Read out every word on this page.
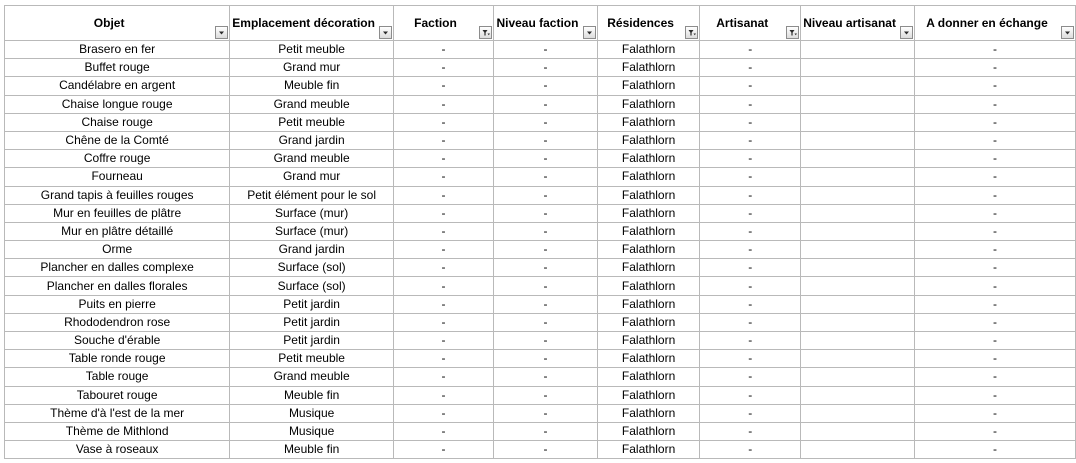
Objet	Emplacement décoration	Faction	Niveau faction	Résidences	Artisanat	Niveau artisanat	A donner en échange

Brasero en fer	Petit meuble	-	-	Falathlorn	-		-
Buffet rouge	Grand mur	-	-	Falathlorn	-		-
Candélabre en argent	Meuble fin	-	-	Falathlorn	-		-
Chaise longue rouge	Grand meuble	-	-	Falathlorn	-		-
Chaise rouge	Petit meuble	-	-	Falathlorn	-		-
Chêne de la Comté	Grand jardin	-	-	Falathlorn	-		-
Coffre rouge	Grand meuble	-	-	Falathlorn	-		-
Fourneau	Grand mur	-	-	Falathlorn	-		-
Grand tapis à feuilles rouges	Petit élément pour le sol	-	-	Falathlorn	-		-
Mur en feuilles de plâtre	Surface (mur)	-	-	Falathlorn	-		-
Mur en plâtre détaillé	Surface (mur)	-	-	Falathlorn	-		-
Orme	Grand jardin	-	-	Falathlorn	-		-
Plancher en dalles complexe	Surface (sol)	-	-	Falathlorn	-		-
Plancher en dalles florales	Surface (sol)	-	-	Falathlorn	-		-
Puits en pierre	Petit jardin	-	-	Falathlorn	-		-
Rhododendron rose	Petit jardin	-	-	Falathlorn	-		-
Souche d'érable	Petit jardin	-	-	Falathlorn	-		-
Table ronde rouge	Petit meuble	-	-	Falathlorn	-		-
Table rouge	Grand meuble	-	-	Falathlorn	-		-
Tabouret rouge	Meuble fin	-	-	Falathlorn	-		-
Thème d'à l'est de la mer	Musique	-	-	Falathlorn	-		-
Thème de Mithlond	Musique	-	-	Falathlorn	-		-
Vase à roseaux	Meuble fin	-	-	Falathlorn	-		-
